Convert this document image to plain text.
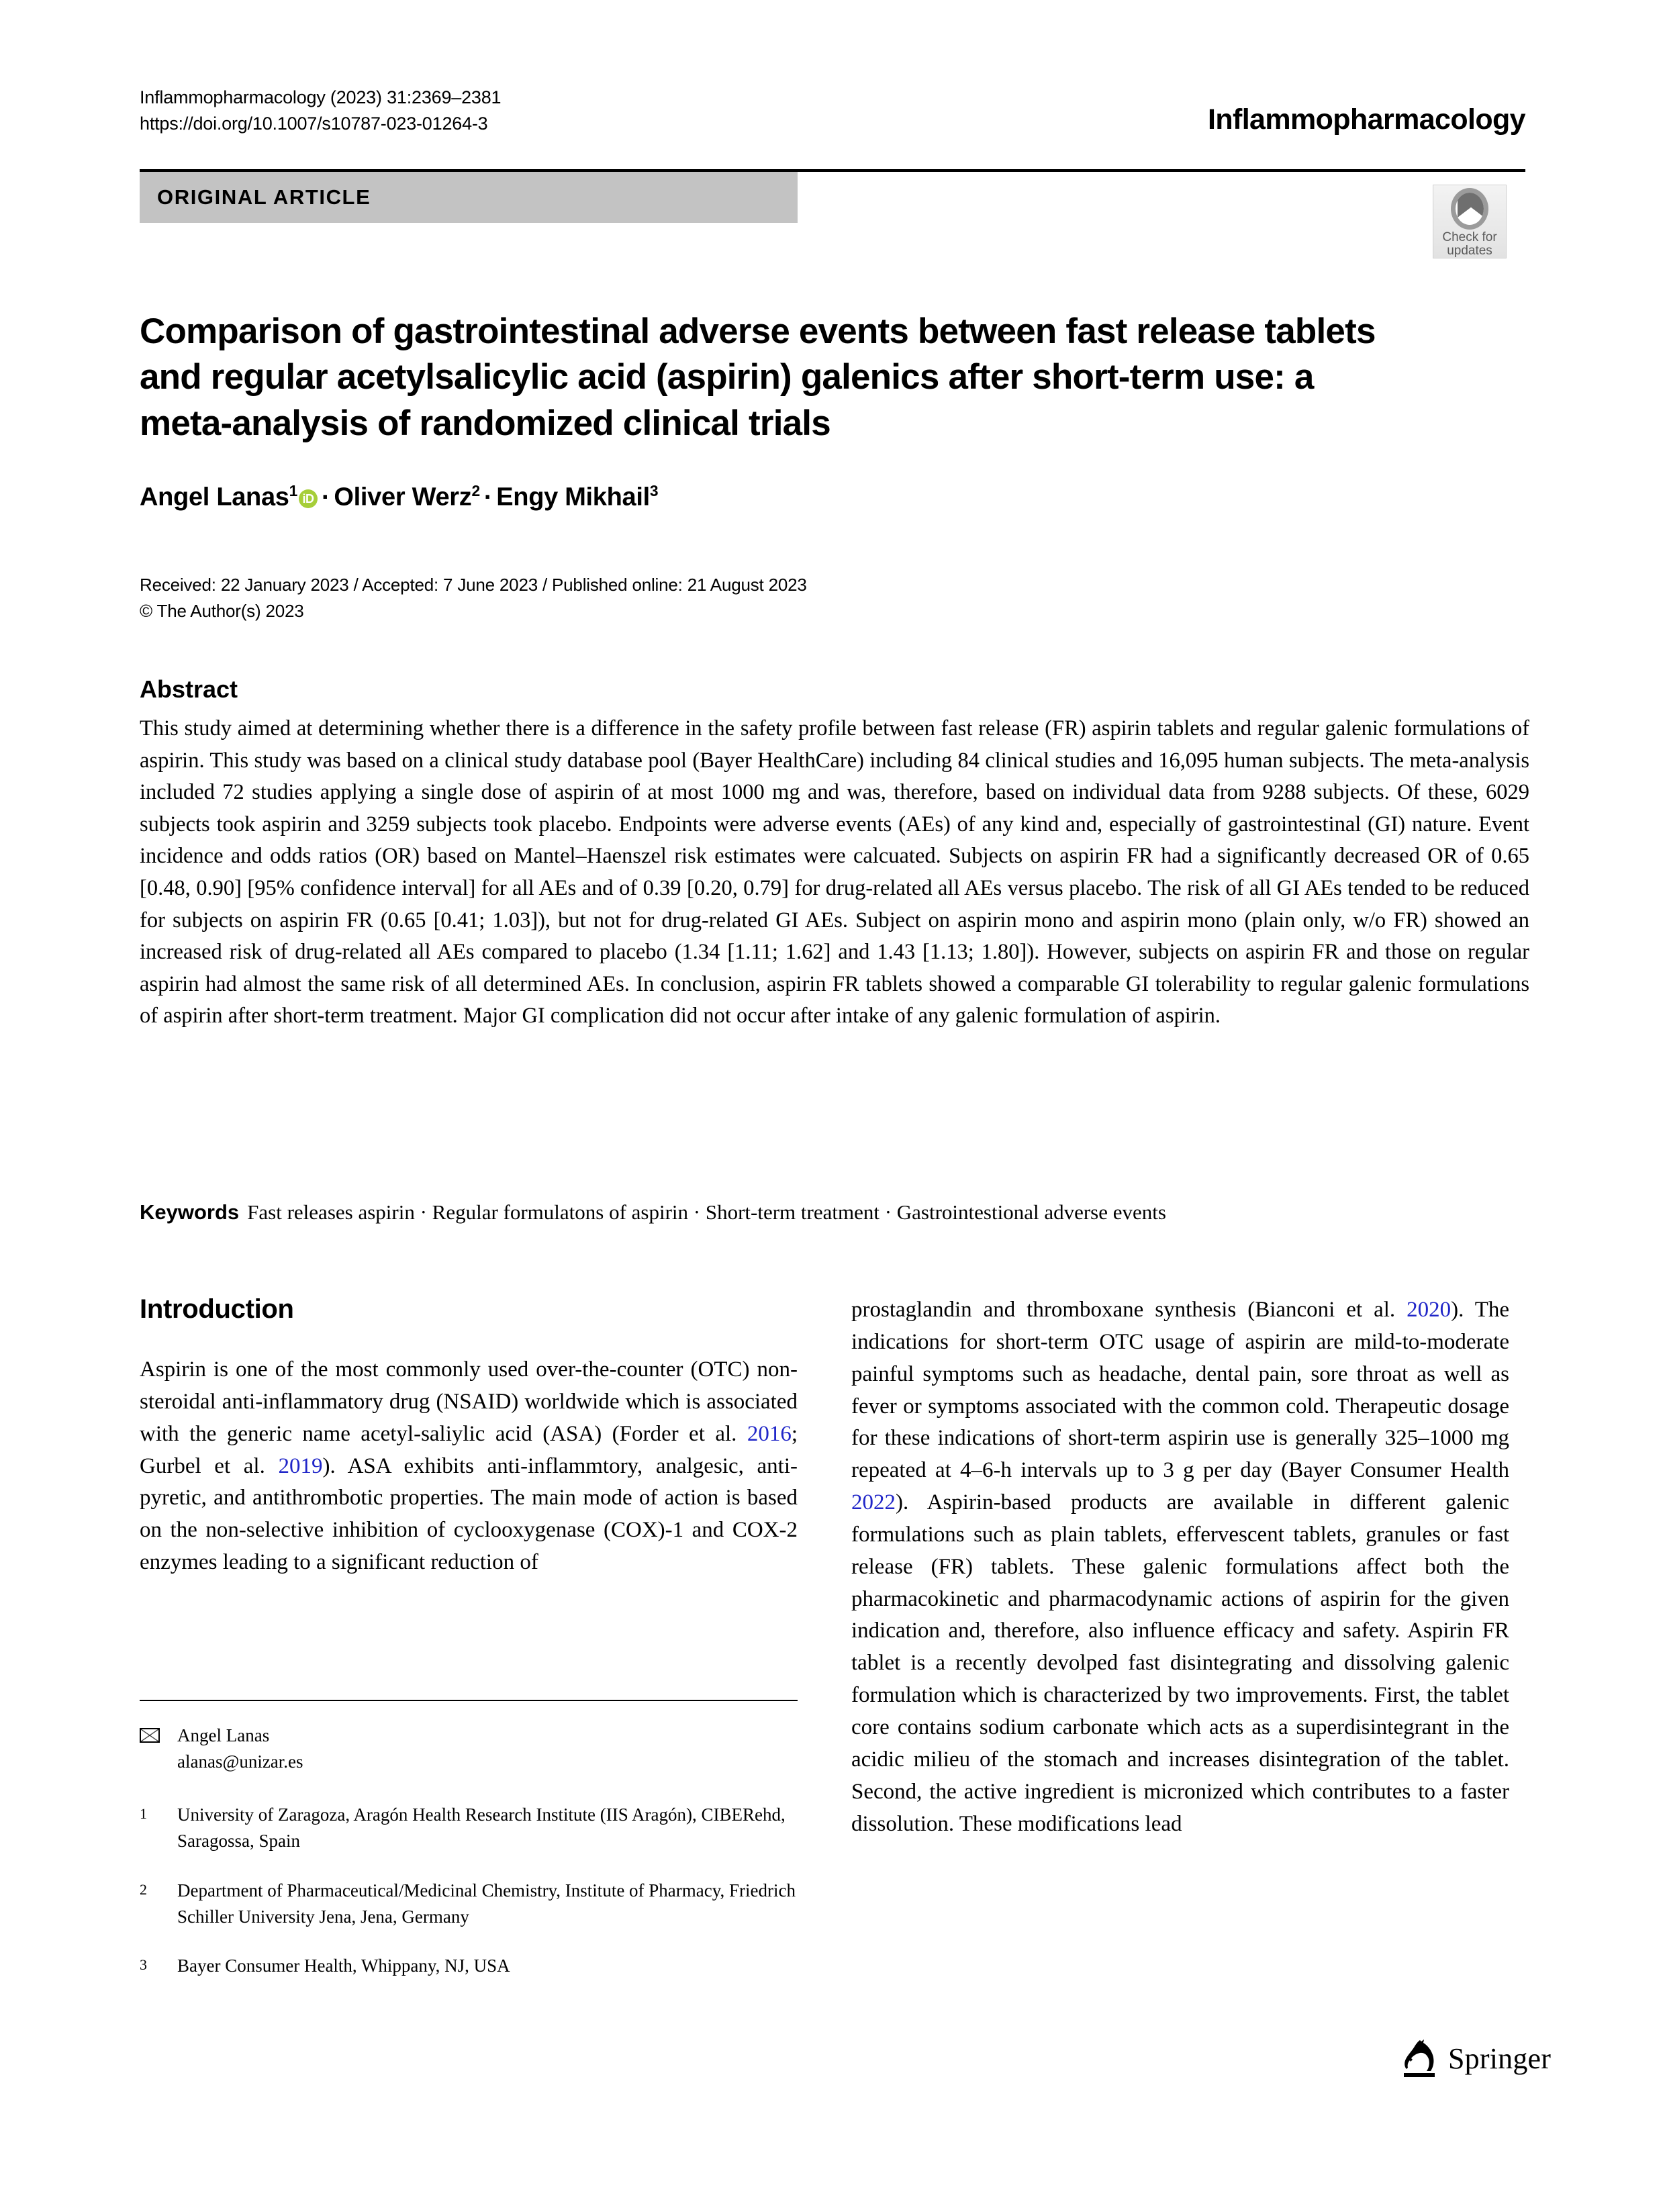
Inflammopharmacology (2023) 31:2369–2381
https://doi.org/10.1007/s10787-023-01264-3	Inflammopharmacology
ORIGINAL ARTICLE
Check for
updates
Comparison of gastrointestinal adverse events between fast release tablets and regular acetylsalicylic acid (aspirin) galenics after short-term use: a meta-analysis of randomized clinical trials
Angel Lanas$^1$ iD · Oliver Werz$^2$ · Engy Mikhail$^3$
Received: 22 January 2023 / Accepted: 7 June 2023 / Published online: 21 August 2023
© The Author(s) 2023
Abstract
This study aimed at determining whether there is a difference in the safety profile between fast release (FR) aspirin tablets and regular galenic formulations of aspirin. This study was based on a clinical study database pool (Bayer HealthCare) including 84 clinical studies and 16,095 human subjects. The meta-analysis included 72 studies applying a single dose of aspirin of at most 1000 mg and was, therefore, based on individual data from 9288 subjects. Of these, 6029 subjects took aspirin and 3259 subjects took placebo. Endpoints were adverse events (AEs) of any kind and, especially of gastrointestinal (GI) nature. Event incidence and odds ratios (OR) based on Mantel–Haenszel risk estimates were calcuated. Subjects on aspirin FR had a significantly decreased OR of 0.65 [0.48, 0.90] [95% confidence interval] for all AEs and of 0.39 [0.20, 0.79] for drug-related all AEs versus placebo. The risk of all GI AEs tended to be reduced for subjects on aspirin FR (0.65 [0.41; 1.03]), but not for drug-related GI AEs. Subject on aspirin mono and aspirin mono (plain only, w/o FR) showed an increased risk of drug-related all AEs compared to placebo (1.34 [1.11; 1.62] and 1.43 [1.13; 1.80]). However, subjects on aspirin FR and those on regular aspirin had almost the same risk of all determined AEs. In conclusion, aspirin FR tablets showed a comparable GI tolerability to regular galenic formulations of aspirin after short-term treatment. Major GI complication did not occur after intake of any galenic formulation of aspirin.
Keywords Fast releases aspirin · Regular formulatons of aspirin · Short-term treatment · Gastrointestional adverse events
Introduction

Aspirin is one of the most commonly used over-the-counter (OTC) non-steroidal anti-inflammatory drug (NSAID) worldwide which is associated with the generic name acetyl-saliylic acid (ASA) (Forder et al. 2016; Gurbel et al. 2019). ASA exhibits anti-inflammtory, analgesic, anti-pyretic, and antithrombotic properties. The main mode of action is based on the non-selective inhibition of cyclooxygenase (COX)-1 and COX-2 enzymes leading to a significant reduction of

prostaglandin and thromboxane synthesis (Bianconi et al. 2020). The indications for short-term OTC usage of aspirin are mild-to-moderate painful symptoms such as headache, dental pain, sore throat as well as fever or symptoms associated with the common cold. Therapeutic dosage for these indications of short-term aspirin use is generally 325–1000 mg repeated at 4–6-h intervals up to 3 g per day (Bayer Consumer Health 2022). Aspirin-based products are available in different galenic formulations such as plain tablets, effervescent tablets, granules or fast release (FR) tablets. These galenic formulations affect both the pharmacokinetic and pharmacodynamic actions of aspirin for the given indication and, therefore, also influence efficacy and safety. Aspirin FR tablet is a recently devolped fast disintegrating and dissolving galenic formulation which is characterized by two improvements. First, the tablet core contains sodium carbonate which acts as a superdisintegrant in the acidic milieu of the stomach and increases disintegration of the tablet. Second, the active ingredient is micronized which contributes to a faster dissolution. These modifications lead

Angel Lanas
alanas@unizar.es
1	University of Zaragoza, Aragón Health Research Institute (IIS Aragón), CIBERehd, Saragossa, Spain
2	Department of Pharmaceutical/Medicinal Chemistry, Institute of Pharmacy, Friedrich Schiller University Jena, Jena, Germany
3	Bayer Consumer Health, Whippany, NJ, USA
Springer
